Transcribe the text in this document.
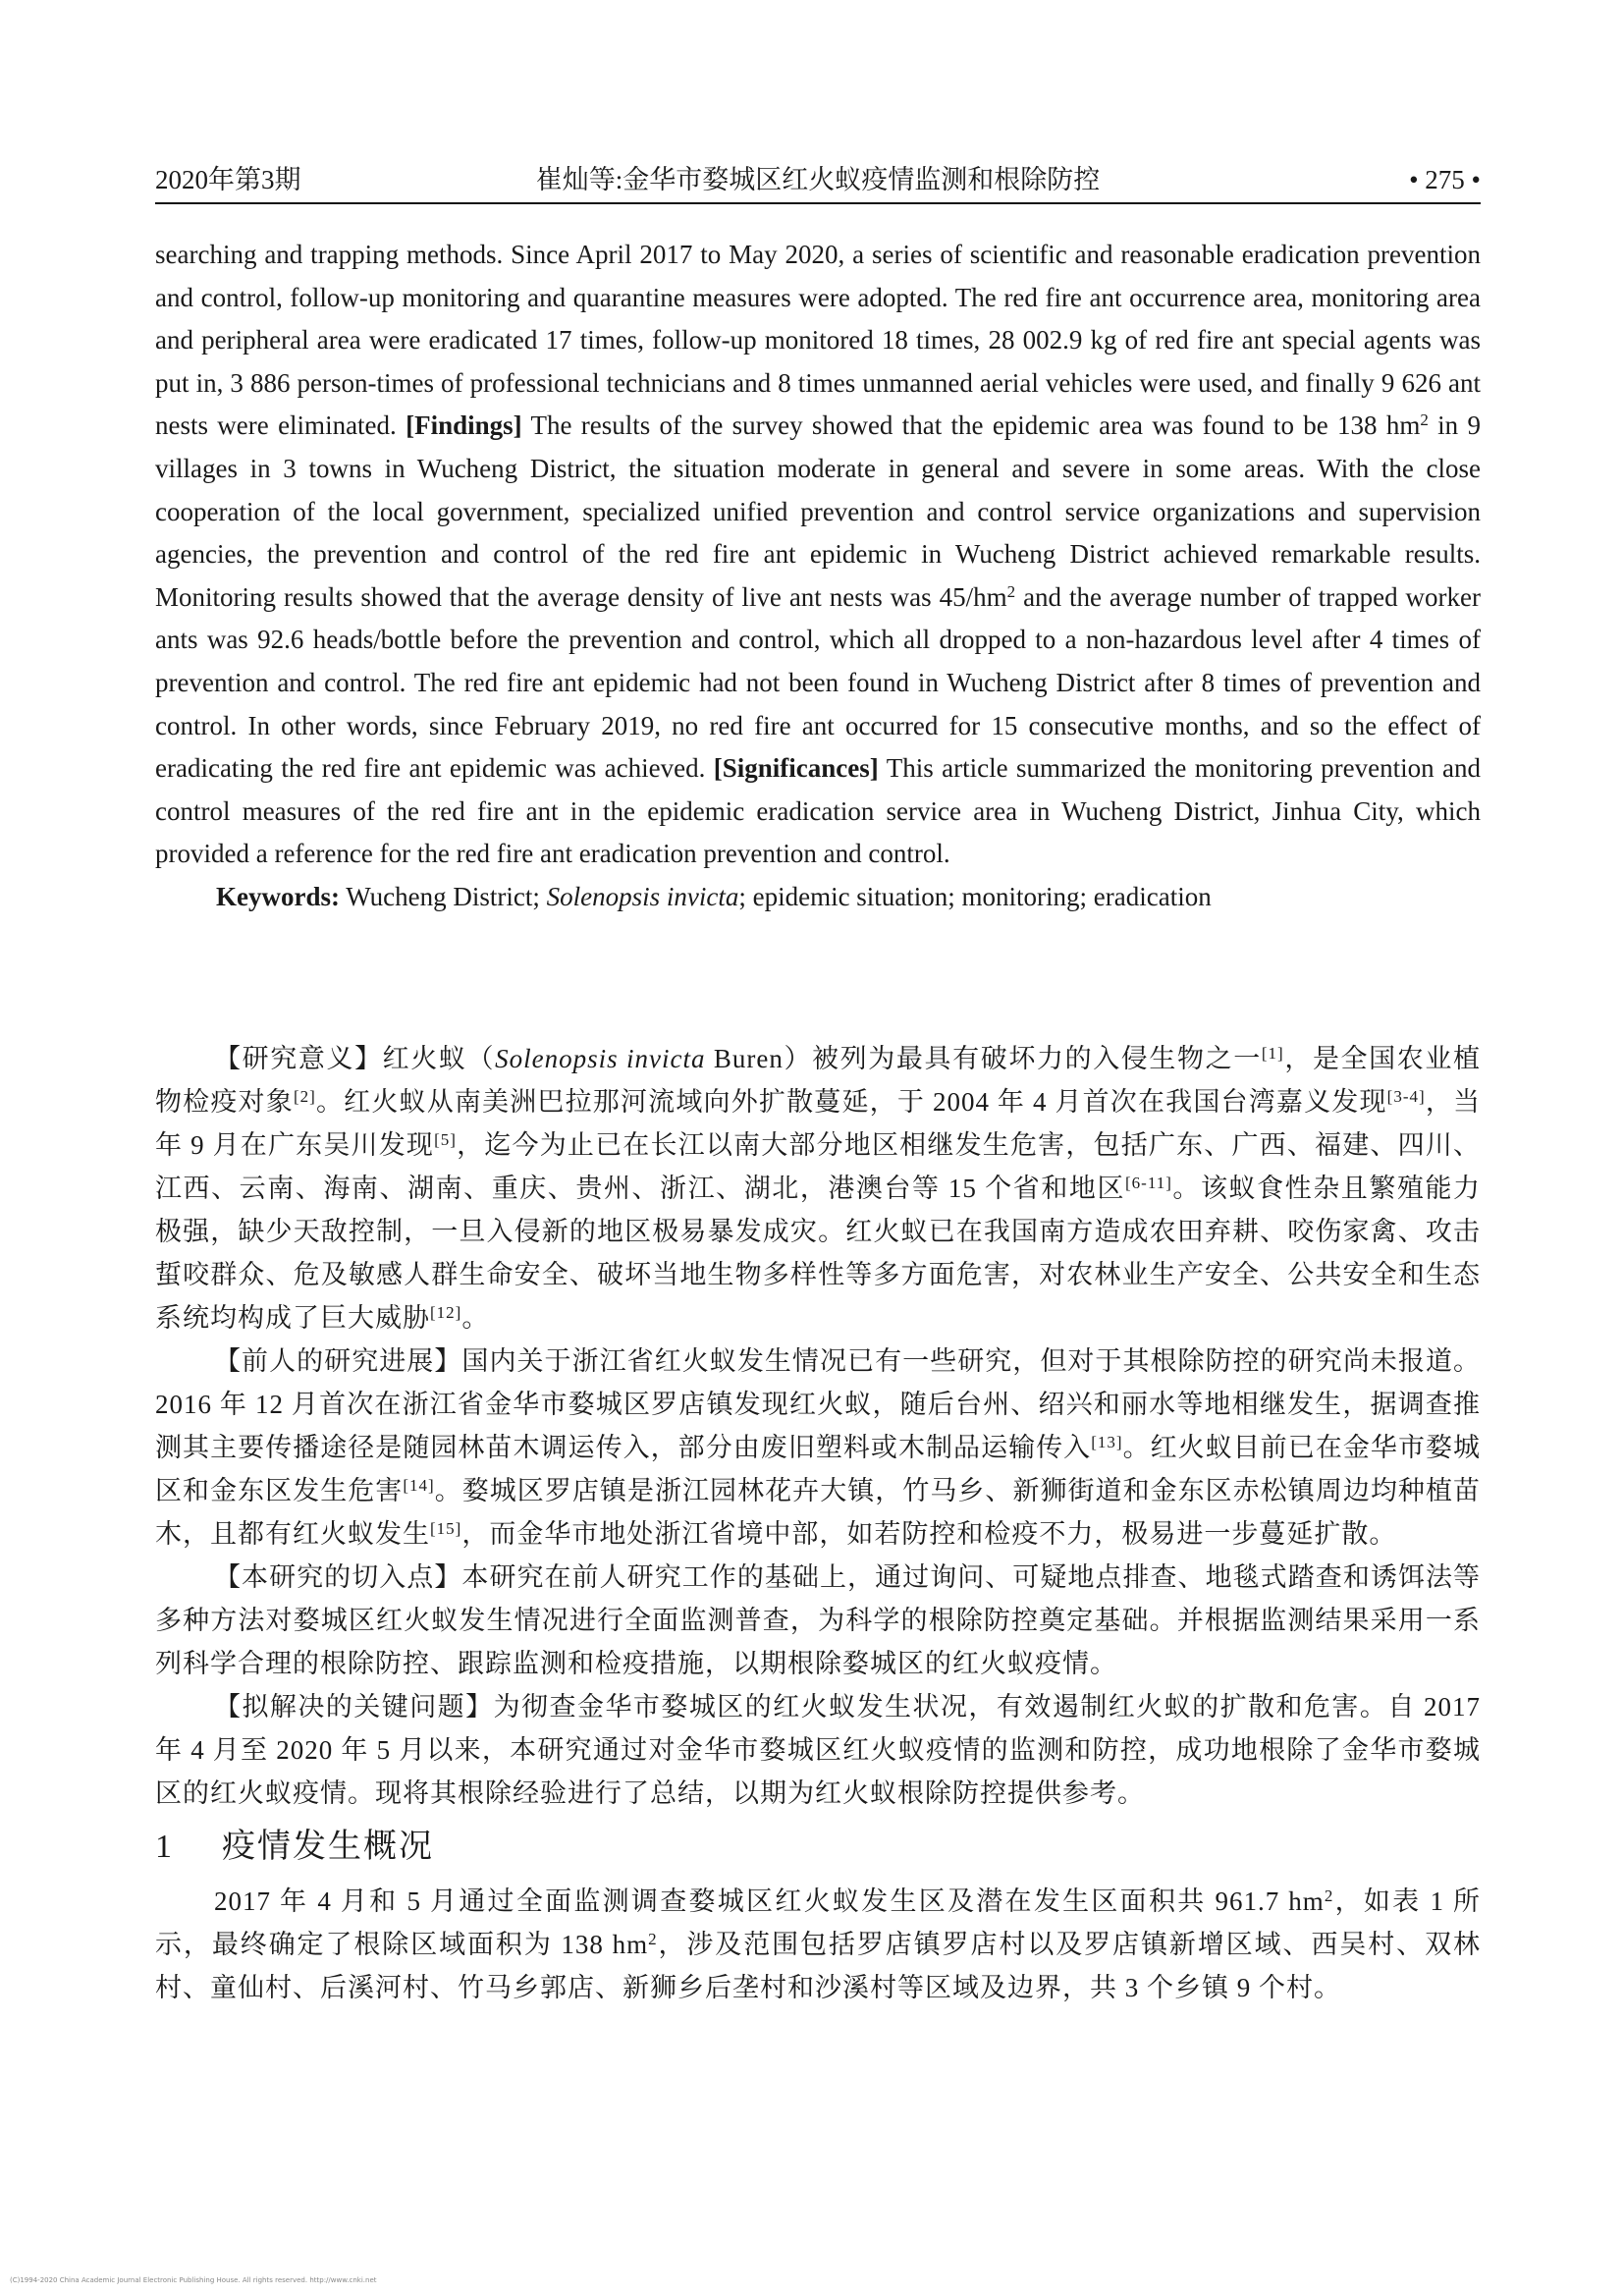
2020年第3期	崔灿等:金华市婺城区红火蚁疫情监测和根除防控	• 275 •

searching and trapping methods. Since April 2017 to May 2020, a series of scientific and reasonable eradication prevention and control, follow-up monitoring and quarantine measures were adopted. The red fire ant occurrence area, monitoring area and peripheral area were eradicated 17 times, follow-up monitored 18 times, 28 002.9 kg of red fire ant special agents was put in, 3 886 person-times of professional technicians and 8 times unmanned aerial vehicles were used, and finally 9 626 ant nests were eliminated. [Findings] The results of the survey showed that the epidemic area was found to be 138 $hm^2$ in 9 villages in 3 towns in Wucheng District, the situation moderate in general and severe in some areas. With the close cooperation of the local government, specialized unified prevention and control service organizations and supervision agencies, the prevention and control of the red fire ant epidemic in Wucheng District achieved remarkable results. Monitoring results showed that the average density of live ant nests was $45/hm^2$ and the average number of trapped worker ants was 92.6 heads/bottle before the prevention and control, which all dropped to a non-hazardous level after 4 times of prevention and control. The red fire ant epidemic had not been found in Wucheng District after 8 times of prevention and control. In other words, since February 2019, no red fire ant occurred for 15 consecutive months, and so the effect of eradicating the red fire ant epidemic was achieved. [Significances] This article summarized the monitoring prevention and control measures of the red fire ant in the epidemic eradication service area in Wucheng District, Jinhua City, which provided a reference for the red fire ant eradication prevention and control.

Keywords: Wucheng District; Solenopsis invicta; epidemic situation; monitoring; eradication

【研究意义】红火蚁（Solenopsis invicta Buren）被列为最具有破坏力的入侵生物之一[1]，是全国农业植物检疫对象[2]。红火蚁从南美洲巴拉那河流域向外扩散蔓延，于 2004 年 4 月首次在我国台湾嘉义发现[3-4]，当年 9 月在广东吴川发现[5]，迄今为止已在长江以南大部分地区相继发生危害，包括广东、广西、福建、四川、江西、云南、海南、湖南、重庆、贵州、浙江、湖北，港澳台等 15 个省和地区[6-11]。该蚁食性杂且繁殖能力极强，缺少天敌控制，一旦入侵新的地区极易暴发成灾。红火蚁已在我国南方造成农田弃耕、咬伤家禽、攻击蜇咬群众、危及敏感人群生命安全、破坏当地生物多样性等多方面危害，对农林业生产安全、公共安全和生态系统均构成了巨大威胁[12]。

【前人的研究进展】国内关于浙江省红火蚁发生情况已有一些研究，但对于其根除防控的研究尚未报道。2016 年 12 月首次在浙江省金华市婺城区罗店镇发现红火蚁，随后台州、绍兴和丽水等地相继发生，据调查推测其主要传播途径是随园林苗木调运传入，部分由废旧塑料或木制品运输传入[13]。红火蚁目前已在金华市婺城区和金东区发生危害[14]。婺城区罗店镇是浙江园林花卉大镇，竹马乡、新狮街道和金东区赤松镇周边均种植苗木，且都有红火蚁发生[15]，而金华市地处浙江省境中部，如若防控和检疫不力，极易进一步蔓延扩散。

【本研究的切入点】本研究在前人研究工作的基础上，通过询问、可疑地点排查、地毯式踏查和诱饵法等多种方法对婺城区红火蚁发生情况进行全面监测普查，为科学的根除防控奠定基础。并根据监测结果采用一系列科学合理的根除防控、跟踪监测和检疫措施，以期根除婺城区的红火蚁疫情。

【拟解决的关键问题】为彻查金华市婺城区的红火蚁发生状况，有效遏制红火蚁的扩散和危害。自 2017 年 4 月至 2020 年 5 月以来，本研究通过对金华市婺城区红火蚁疫情的监测和防控，成功地根除了金华市婺城区的红火蚁疫情。现将其根除经验进行了总结，以期为红火蚁根除防控提供参考。

1 疫情发生概况

2017 年 4 月和 5 月通过全面监测调查婺城区红火蚁发生区及潜在发生区面积共 961.7 $hm^2$，如表 1 所示，最终确定了根除区域面积为 138 $hm^2$，涉及范围包括罗店镇罗店村以及罗店镇新增区域、西吴村、双林村、童仙村、后溪河村、竹马乡郭店、新狮乡后垄村和沙溪村等区域及边界，共 3 个乡镇 9 个村。

(C)1994-2020 China Academic Journal Electronic Publishing House. All rights reserved. http://www.cnki.net
